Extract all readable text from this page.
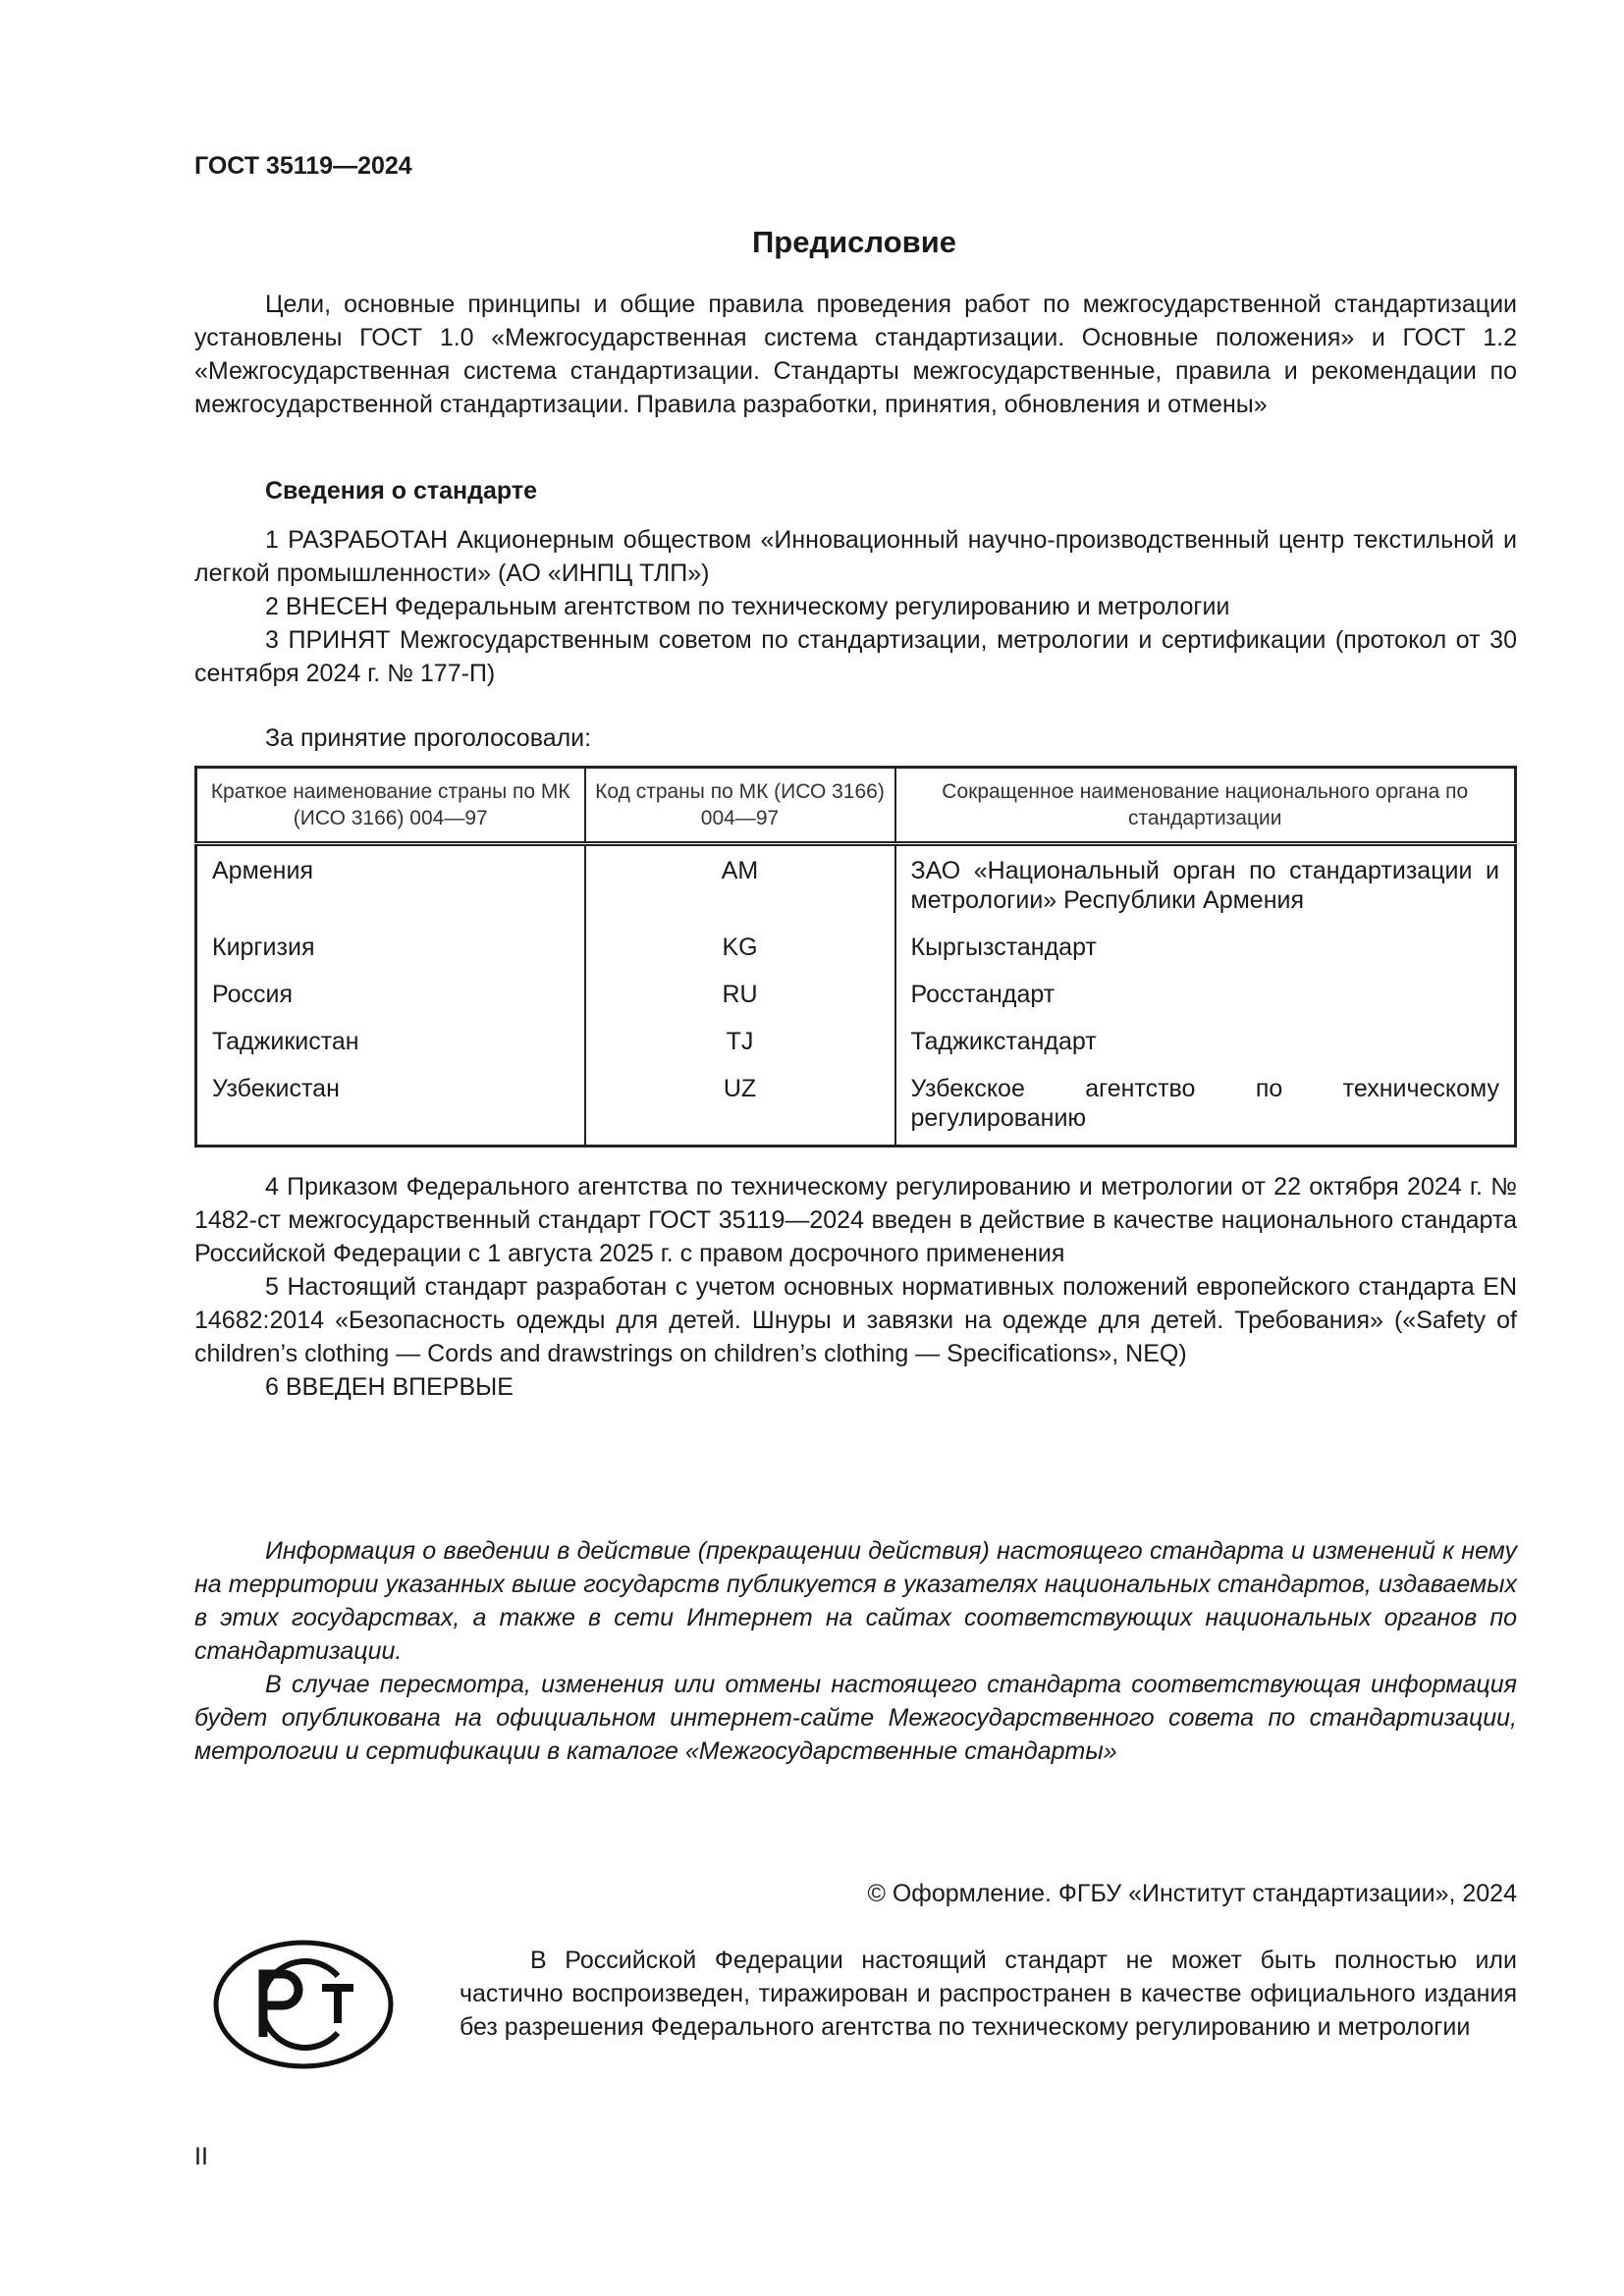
ГОСТ 35119—2024
Предисловие

Цели, основные принципы и общие правила проведения работ по межгосударственной стандартизации установлены ГОСТ 1.0 «Межгосударственная система стандартизации. Основные положения» и ГОСТ 1.2 «Межгосударственная система стандартизации. Стандарты межгосударственные, правила и рекомендации по межгосударственной стандартизации. Правила разработки, принятия, обновления и отмены»

Сведения о стандарте

1 РАЗРАБОТАН Акционерным обществом «Инновационный научно-производственный центр текстильной и легкой промышленности» (АО «ИНПЦ ТЛП»)

2 ВНЕСЕН Федеральным агентством по техническому регулированию и метрологии

3 ПРИНЯТ Межгосударственным советом по стандартизации, метрологии и сертификации (протокол от 30 сентября 2024 г. № 177-П)

За принятие проголосовали:

Краткое наименование страны по МК (ИСО 3166) 004—97	Код страны по МК (ИСО 3166) 004—97	Сокращенное наименование национального органа по стандартизации
Армения	AM	ЗАО «Национальный орган по стандартизации и метрологии» Республики Армения
Киргизия	KG	Кыргызстандарт
Россия	RU	Росстандарт
Таджикистан	TJ	Таджикстандарт
Узбекистан	UZ	Узбекское агентство по техническому регулированию

4 Приказом Федерального агентства по техническому регулированию и метрологии от 22 октября 2024 г. № 1482-ст межгосударственный стандарт ГОСТ 35119—2024 введен в действие в качестве национального стандарта Российской Федерации с 1 августа 2025 г. с правом досрочного применения

5 Настоящий стандарт разработан с учетом основных нормативных положений европейского стандарта EN 14682:2014 «Безопасность одежды для детей. Шнуры и завязки на одежде для детей. Требования» («Safety of children’s clothing — Cords and drawstrings on children’s clothing — Specifications», NEQ)

6 ВВЕДЕН ВПЕРВЫЕ

Информация о введении в действие (прекращении действия) настоящего стандарта и изменений к нему на территории указанных выше государств публикуется в указателях национальных стандартов, издаваемых в этих государствах, а также в сети Интернет на сайтах соответствующих национальных органов по стандартизации.

В случае пересмотра, изменения или отмены настоящего стандарта соответствующая информация будет опубликована на официальном интернет-сайте Межгосударственного совета по стандартизации, метрологии и сертификации в каталоге «Межгосударственные стандарты»

© Оформление. ФГБУ «Институт стандартизации», 2024

В Российской Федерации настоящий стандарт не может быть полностью или частично воспроизведен, тиражирован и распространен в качестве официального издания без разрешения Федерального агентства по техническому регулированию и метрологии

II
